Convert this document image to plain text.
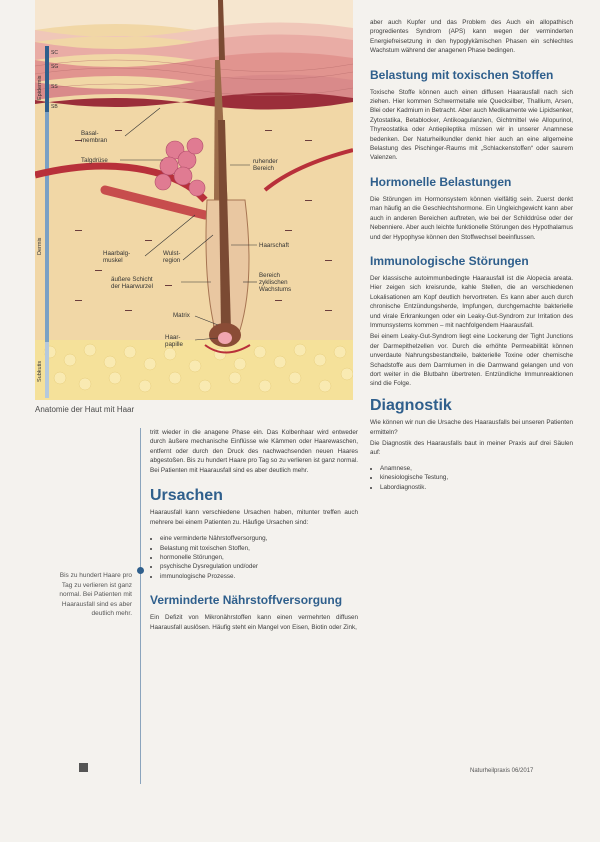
SC
SG
SS
SB
Epidermis
Dermis
Subkutis
Basal-
membran
Talgdrüse	ruhender
Bereich
Haarbalg-
muskel
Wulst-
region
äußere Schicht
der Haarwurzel
Haarschaft
Bereich
zyklischen
Wachstums
Matrix
Haar-
papille
Anatomie der Haut mit Haar
Bis zu hundert Haare pro Tag zu verlieren ist ganz normal. Bei Patienten mit Haarausfall sind es aber deutlich mehr.

tritt wieder in die anagene Phase ein. Das Kolbenhaar wird entweder durch äußere mechanische Einflüsse wie Kämmen oder Haarewaschen, entfernt oder durch den Druck des nachwachsenden neuen Haares abgestoßen. Bis zu hundert Haare pro Tag so zu verlieren ist ganz normal. Bei Patienten mit Haarausfall sind es aber deutlich mehr.

Ursachen

Haarausfall kann verschiedene Ursachen haben, mitunter treffen auch mehrere bei einem Patienten zu. Häufige Ursachen sind:

• eine verminderte Nährstoffversorgung,
• Belastung mit toxischen Stoffen,
• hormonelle Störungen,
• psychische Dysregulation und/oder
• immunologische Prozesse.
Verminderte Nährstoffversorgung

Ein Defizit von Mikronährstoffen kann einen vermehrten diffusen Haarausfall auslösen. Häufig steht ein Mangel von Eisen, Biotin oder Zink,

aber auch Kupfer und das Problem des Auch ein allopathisch progredientes Syndrom (APS) kann wegen der verminderten Energiefreisetzung in den hypoglykämischen Phasen ein schlechtes Wachstum während der anagenen Phase bedingen.

Belastung mit toxischen Stoffen

Toxische Stoffe können auch einen diffusen Haarausfall nach sich ziehen. Hier kommen Schwermetalle wie Quecksilber, Thallium, Arsen, Blei oder Kadmium in Betracht. Aber auch Medikamente wie Lipidsenker, Zytostatika, Betablocker, Antikoagulanzien, Gichtmittel wie Allopurinol, Thyreostatika oder Antiepileptika müssen wir in unserer Anamnese bedenken. Der Naturheilkundler denkt hier auch an eine allgemeine Belastung des Pischinger-Raums mit „Schlackenstoffen“ oder saurem Valenzen.

Hormonelle Belastungen

Die Störungen im Hormonsystem können vielfältig sein. Zuerst denkt man häufig an die Geschlechtshormone. Ein Ungleichgewicht kann aber auch in anderen Bereichen auftreten, wie bei der Schilddrüse oder der Nebenniere. Aber auch leichte funktionelle Störungen des Hypothalamus und der Hypophyse können den Stoffwechsel beeinflussen.

Immunologische Störungen

Der klassische autoimmunbedingte Haarausfall ist die Alopecia areata. Hier zeigen sich kreisrunde, kahle Stellen, die an verschiedenen Lokalisationen am Kopf deutlich hervortreten. Es kann aber auch durch chronische Entzündungsherde, Impfungen, durchgemachte bakterielle und virale Erkrankungen oder ein Leaky-Gut-Syndrom zur Irritation des Immunsystems kommen – mit nachfolgendem Haarausfall.

Bei einem Leaky-Gut-Syndrom liegt eine Lockerung der Tight Junctions der Darmepithelzellen vor. Durch die erhöhte Permeabilität können unverdaute Nahrungsbestandteile, bakterielle Toxine oder chemische Schadstoffe aus dem Darmlumen in die Darmwand gelangen und von dort weiter in die Blutbahn übertreten. Entzündliche Immunreaktionen sind die Folge.

Diagnostik

Wie können wir nun die Ursache des Haarausfalls bei unseren Patienten ermitteln?

Die Diagnostik des Haarausfalls baut in meiner Praxis auf drei Säulen auf:

• Anamnese,
• kinesiologische Testung,
• Labordiagnostik.
Naturheilpraxis 06/2017
